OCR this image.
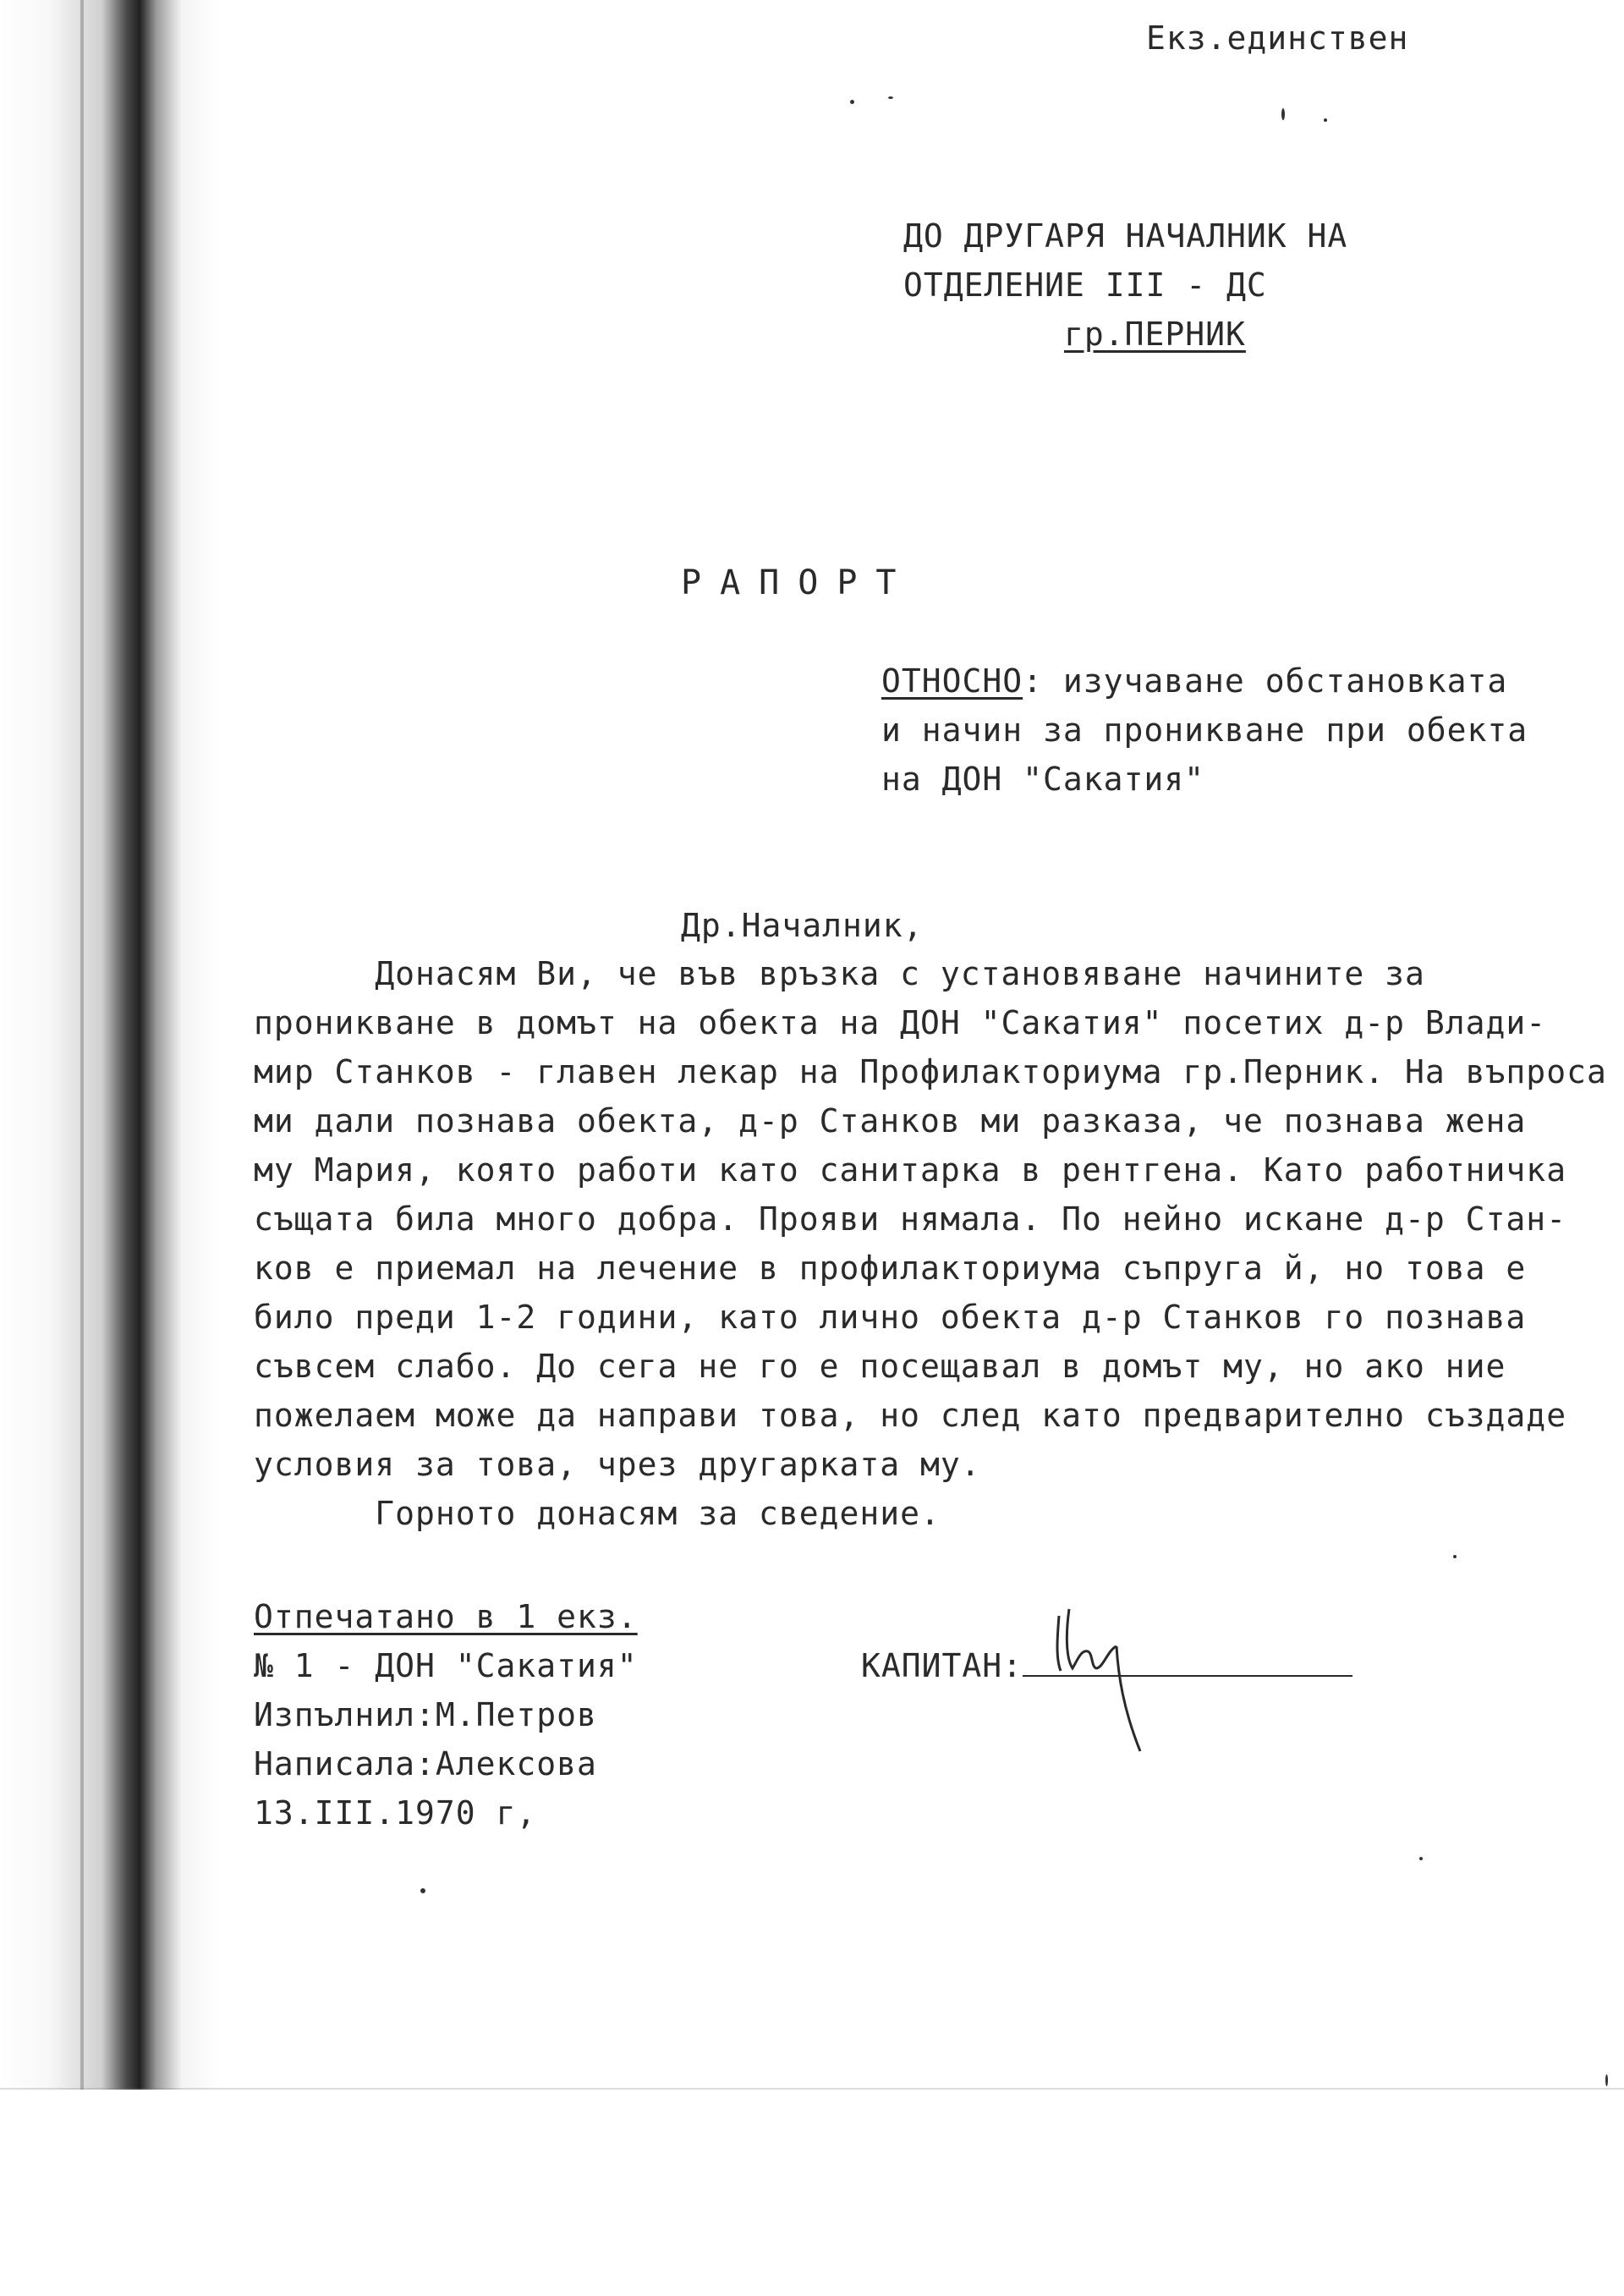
Екз.единствен
ДО ДРУГАРЯ НАЧАЛНИК НА
ОТДЕЛЕНИЕ III - ДС
гр.ПЕРНИК
РАПОРТ
ОТНОСНО: изучаване обстановката
и начин за проникване при обекта
на ДОН "Сакатия"
Др.Началник,
Донасям Ви, че във връзка с установяване начините за
проникване в домът на обекта на ДОН "Сакатия" посетих д-р Влади-
мир Станков - главен лекар на Профилакториума гр.Перник. На въпроса
ми дали познава обекта, д-р Станков ми разказа, че познава жена
му Мария, която работи като санитарка в рентгена. Като работничка
същата била много добра. Прояви нямала. По нейно искане д-р Стан-
ков е приемал на лечение в профилакториума съпруга й, но това е
било преди 1-2 години, като лично обекта д-р Станков го познава
съвсем слабо. До сега не го е посещавал в домът му, но ако ние
пожелаем може да направи това, но след като предварително създаде
условия за това, чрез другарката му.
Горното донасям за сведение.
Отпечатано в 1 екз.
№ 1 - ДОН "Сакатия"
Изпълнил:М.Петров
Написала:Алексова
13.III.1970 г,
КАПИТАН:
